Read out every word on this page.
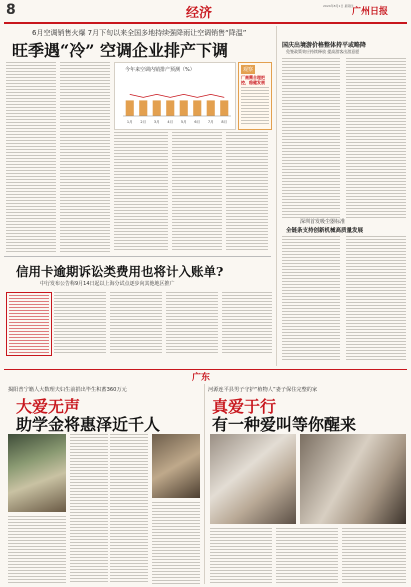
8	经济	广州日报
2024年8月1日 星期四
6月空调销售火爆 7月下旬以来全国多地持续强降雨让空调销售“降温”
旺季遇“冷” 空调企业排产下调
今年来空调内销排产预测（%）
1月 2月 3月 4月 5月 6月 7月 8月
观察
厂商需合理把控，稳健发展
国庆出境游价格整体持平或略降
免签政策效应持续释放 提高游客出游意愿
深圳首发吸尘器标准
全链条支持创新机械高质量发展
信用卡逾期诉讼类费用也将计入账单?
中行发布公告称9月14日起以上海分试点逐步向其他地区推广
广东
揭阳普宁籍人大数理夫妇生前捐出毕生积蓄360万元
大爱无声
助学金将惠泽近千人
河源连平县男子守护“植物人”妻子保住完整的家
真爱于行
有一种爱叫等你醒来
